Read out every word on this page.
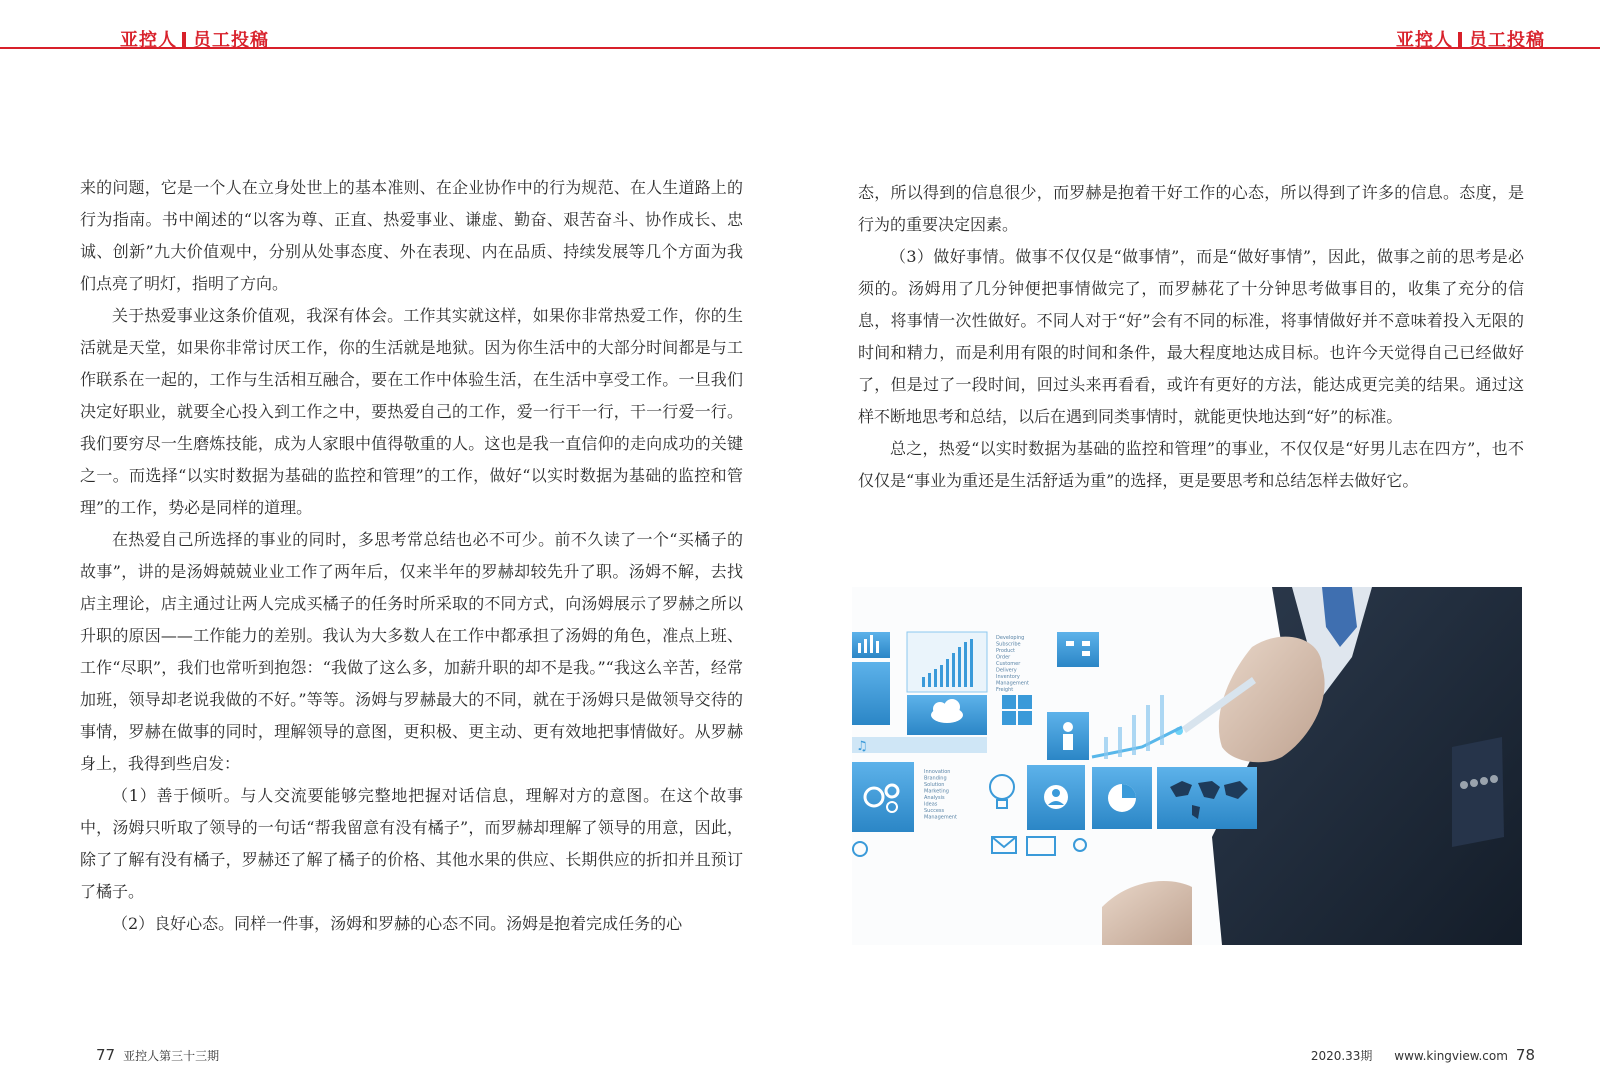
亚控人 员工投稿	亚控人 员工投稿

来的问题，它是一个人在立身处世上的基本准则、在企业协作中的行为规范、在人生道路上的行为指南。书中阐述的“以客为尊、正直、热爱事业、谦虚、勤奋、艰苦奋斗、协作成长、忠诚、创新”九大价值观中，分别从处事态度、外在表现、内在品质、持续发展等几个方面为我们点亮了明灯，指明了方向。

关于热爱事业这条价值观，我深有体会。工作其实就这样，如果你非常热爱工作，你的生活就是天堂，如果你非常讨厌工作，你的生活就是地狱。因为你生活中的大部分时间都是与工作联系在一起的，工作与生活相互融合，要在工作中体验生活，在生活中享受工作。一旦我们决定好职业，就要全心投入到工作之中，要热爱自己的工作，爱一行干一行，干一行爱一行。我们要穷尽一生磨炼技能，成为人家眼中值得敬重的人。这也是我一直信仰的走向成功的关键之一。而选择“以实时数据为基础的监控和管理”的工作，做好“以实时数据为基础的监控和管理”的工作，势必是同样的道理。

在热爱自己所选择的事业的同时，多思考常总结也必不可少。前不久读了一个“买橘子的故事”，讲的是汤姆兢兢业业工作了两年后，仅来半年的罗赫却较先升了职。汤姆不解，去找店主理论，店主通过让两人完成买橘子的任务时所采取的不同方式，向汤姆展示了罗赫之所以升职的原因——工作能力的差别。我认为大多数人在工作中都承担了汤姆的角色，准点上班、工作“尽职”，我们也常听到抱怨：“我做了这么多，加薪升职的却不是我。”“我这么辛苦，经常加班，领导却老说我做的不好。”等等。汤姆与罗赫最大的不同，就在于汤姆只是做领导交待的事情，罗赫在做事的同时，理解领导的意图，更积极、更主动、更有效地把事情做好。从罗赫身上，我得到些启发：

（1）善于倾听。与人交流要能够完整地把握对话信息，理解对方的意图。在这个故事中，汤姆只听取了领导的一句话“帮我留意有没有橘子”，而罗赫却理解了领导的用意，因此，除了了解有没有橘子，罗赫还了解了橘子的价格、其他水果的供应、长期供应的折扣并且预订了橘子。

（2）良好心态。同样一件事，汤姆和罗赫的心态不同。汤姆是抱着完成任务的心

态，所以得到的信息很少，而罗赫是抱着干好工作的心态，所以得到了许多的信息。态度，是行为的重要决定因素。

（3）做好事情。做事不仅仅是“做事情”，而是“做好事情”，因此，做事之前的思考是必须的。汤姆用了几分钟便把事情做完了，而罗赫花了十分钟思考做事目的，收集了充分的信息，将事情一次性做好。不同人对于“好”会有不同的标准，将事情做好并不意味着投入无限的时间和精力，而是利用有限的时间和条件，最大程度地达成目标。也许今天觉得自己已经做好了，但是过了一段时间，回过头来再看看，或许有更好的方法，能达成更完美的结果。通过这样不断地思考和总结，以后在遇到同类事情时，就能更快地达到“好”的标准。

总之，热爱“以实时数据为基础的监控和管理”的事业，不仅仅是“好男儿志在四方”，也不仅仅是“事业为重还是生活舒适为重”的选择，更是要思考和总结怎样去做好它。

Developing
Subscribe
Product
Order
Customer
Delivery
Inventory
Management
Freight
♫
Innovation
Branding
Solution
Marketing
Analysis
Ideas
Success
Management
77 亚控人第三十三期	2020.33期 www.kingview.com 78
